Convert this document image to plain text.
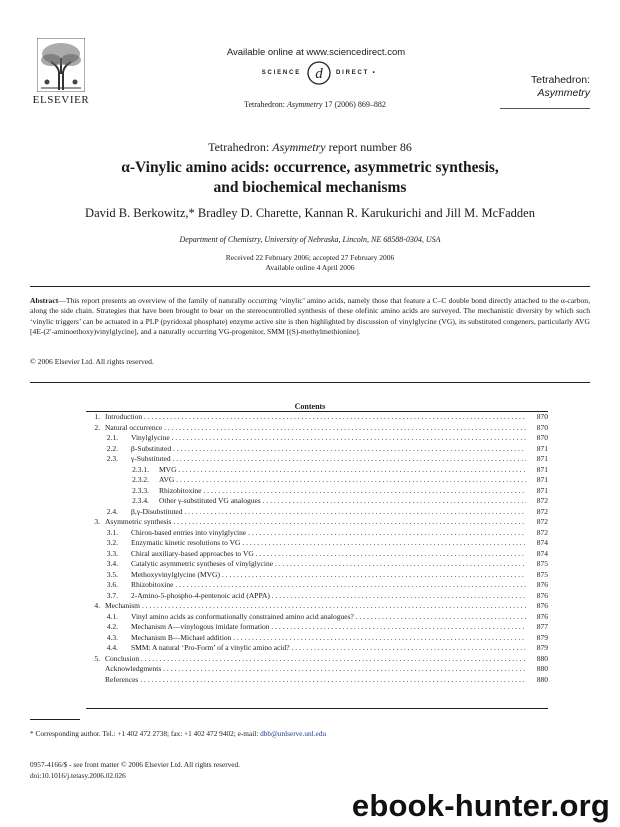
ELSEVIER
Available online at www.sciencedirect.com
SCIENCE d DIRECT •
Tetrahedron: Asymmetry 17 (2006) 869–882
Tetrahedron:
Asymmetry
Tetrahedron: Asymmetry report number 86
α-Vinylic amino acids: occurrence, asymmetric synthesis,
and biochemical mechanisms
David B. Berkowitz,* Bradley D. Charette, Kannan R. Karukurichi and Jill M. McFadden
Department of Chemistry, University of Nebraska, Lincoln, NE 68588-0304, USA
Received 22 February 2006; accepted 27 February 2006
Available online 4 April 2006
Abstract—This report presents an overview of the family of naturally occurring ‘vinylic’ amino acids, namely those that feature a C–C double bond directly attached to the α-carbon, along the side chain. Strategies that have been brought to bear on the stereocontrolled synthesis of these olefinic amino acids are surveyed. The mechanistic diversity by which such ‘vinylic triggers’ can be actuated in a PLP (pyridoxal phosphate) enzyme active site is then highlighted by discussion of vinylglycine (VG), its substituted congeners, particularly AVG [4E-(2′-aminoethoxy)vinylglycine], and a naturally occurring VG-progenitor, SMM [(S)-methylmethionine].
© 2006 Elsevier Ltd. All rights reserved.
Contents
1. Introduction . . .	870
2. Natural occurrence . . .	870
2.1. Vinylglycine . . .	870
2.2. β-Substituted . . .	871
2.3. γ-Substituted . . .	871
2.3.1. MVG . . .	871
2.3.2. AVG . . .	871
2.3.3. Rhizobitoxine . . .	871
2.3.4. Other γ-substituted VG analogues . . .	872
2.4. β,γ-Disubstituted . . .	872
3. Asymmetric synthesis . . .	872
3.1. Chiron-based entries into vinylglycine . . .	872
3.2. Enzymatic kinetic resolutions to VG . . .	874
3.3. Chiral auxiliary-based approaches to VG . . .	874
3.4. Catalytic asymmetric syntheses of vinylglycine . . .	875
3.5. Methoxyvinylglycine (MVG) . . .	875
3.6. Rhizobitoxine . . .	876
3.7. 2-Amino-5-phospho-4-pentenoic acid (APPA) . . .	876
4. Mechanism . . .	876
4.1. Vinyl amino acids as conformationally constrained amino acid analogues? . . .	876
4.2. Mechanism A—vinylogous imidate formation . . .	877
4.3. Mechanism B—Michael addition . . .	879
4.4. SMM: A natural ‘Pro-Form’ of a vinylic amino acid? . . .	879
5. Conclusion . . .	880
Acknowledgments . . .	880
References . . .	880
* Corresponding author. Tel.: +1 402 472 2738; fax: +1 402 472 9402; e-mail: dbb@unlserve.unl.edu
0957-4166/$ - see front matter © 2006 Elsevier Ltd. All rights reserved.
doi:10.1016/j.tetasy.2006.02.026
ebook-hunter.org
